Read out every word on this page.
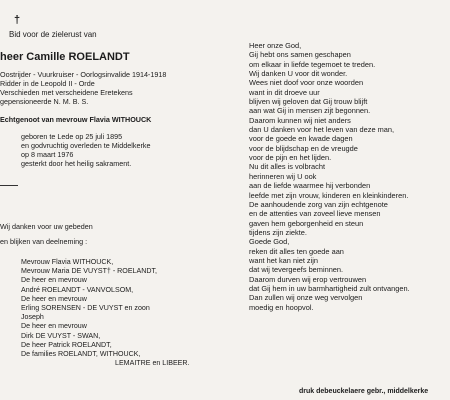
†
Bid voor de zielerust van
heer Camille ROELANDT
Oostrijder - Vuurkruiser - Oorlogsinvalide 1914-1918
Ridder in de Leopold II - Orde
Verschieden met verscheidene Eretekens
gepensioneerde N. M. B. S.
Echtgenoot van mevrouw Flavia WITHOUCK
geboren te Lede op 25 juli 1895
en godvruchtig overleden te Middelkerke
op 8 maart 1976
gesterkt door het heilig sakrament.
Wij danken voor uw gebeden
en blijken van deelneming :
Mevrouw Flavia WITHOUCK,
Mevrouw Maria DE VUYST† - ROELANDT,
De heer en mevrouw
André ROELANDT - VANVOLSOM,
De heer en mevrouw
Erling SORENSEN - DE VUYST en zoon
Joseph
De heer en mevrouw
Dirk DE VUYST - SWAN,
De heer Patrick ROELANDT,
De families ROELANDT, WITHOUCK,
LEMAITRE en LIBEER.
Heer onze God,
Gij hebt ons samen geschapen
om elkaar in liefde tegemoet te treden.
Wij danken U voor dit wonder.
Wees niet doof voor onze woorden
want in dit droeve uur
blijven wij geloven dat Gij trouw blijft
aan wat Gij in mensen zijt begonnen.
Daarom kunnen wij niet anders
dan U danken voor het leven van deze man,
voor de goede en kwade dagen
voor de blijdschap en de vreugde
voor de pijn en het lijden.
Nu dit alles is volbracht
herinneren wij U ook
aan de liefde waarmee hij verbonden
leefde met zijn vrouw, kinderen en kleinkinderen.
De aanhoudende zorg van zijn echtgenote
en de attenties van zoveel lieve mensen
gaven hem geborgenheid en steun
tijdens zijn ziekte.
Goede God,
reken dit alles ten goede aan
want het kan niet zijn
dat wij tevergeefs beminnen.
Daarom durven wij erop vertrouwen
dat Gij hem in uw barmhartigheid zult ontvangen.
Dan zullen wij onze weg vervolgen
moedig en hoopvol.
druk debeuckelaere gebr., middelkerke
